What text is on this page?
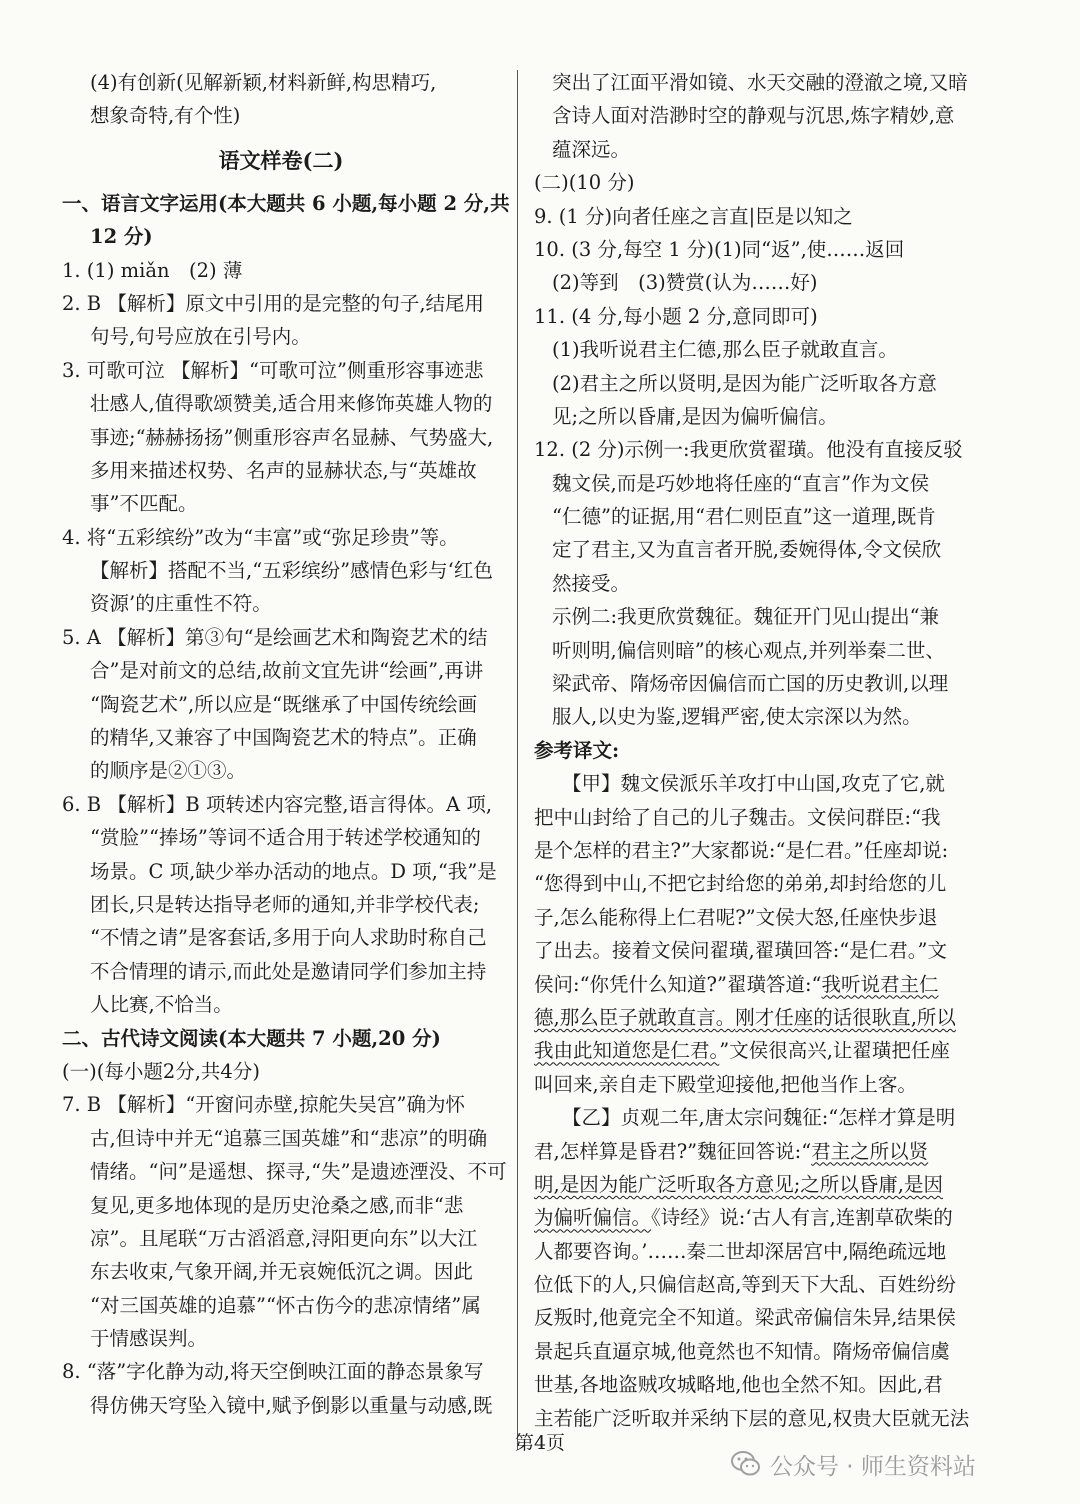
(4)有创新(见解新颖,材料新鲜,构思精巧,
想象奇特,有个性)
语文样卷(二)
一、语言文字运用(本大题共 6 小题,每小题 2 分,共
12 分)
1. (1) miǎn　(2) 薄
2. B 【解析】原文中引用的是完整的句子,结尾用
句号,句号应放在引号内。
3. 可歌可泣 【解析】“可歌可泣”侧重形容事迹悲
壮感人,值得歌颂赞美,适合用来修饰英雄人物的
事迹;“赫赫扬扬”侧重形容声名显赫、气势盛大,
多用来描述权势、名声的显赫状态,与“英雄故
事”不匹配。
4. 将“五彩缤纷”改为“丰富”或“弥足珍贵”等。
【解析】搭配不当,“五彩缤纷”感情色彩与‘红色
资源’的庄重性不符。
5. A 【解析】第③句“是绘画艺术和陶瓷艺术的结
合”是对前文的总结,故前文宜先讲“绘画”,再讲
“陶瓷艺术”,所以应是“既继承了中国传统绘画
的精华,又兼容了中国陶瓷艺术的特点”。正确
的顺序是②①③。
6. B 【解析】B 项转述内容完整,语言得体。A 项,
“赏脸”“捧场”等词不适合用于转述学校通知的
场景。C 项,缺少举办活动的地点。D 项,“我”是
团长,只是转达指导老师的通知,并非学校代表;
“不情之请”是客套话,多用于向人求助时称自己
不合情理的请示,而此处是邀请同学们参加主持
人比赛,不恰当。
二、古代诗文阅读(本大题共 7 小题,20 分)
(一)(每小题2分,共4分)
7. B 【解析】“开窗问赤壁,掠舵失吴宫”确为怀
古,但诗中并无“追慕三国英雄”和“悲凉”的明确
情绪。“问”是遥想、探寻,“失”是遗迹湮没、不可
复见,更多地体现的是历史沧桑之感,而非“悲
凉”。且尾联“万古滔滔意,浔阳更向东”以大江
东去收束,气象开阔,并无哀婉低沉之调。因此
“对三国英雄的追慕”“怀古伤今的悲凉情绪”属
于情感误判。
8. “落”字化静为动,将天空倒映江面的静态景象写
得仿佛天穹坠入镜中,赋予倒影以重量与动感,既
突出了江面平滑如镜、水天交融的澄澈之境,又暗
含诗人面对浩渺时空的静观与沉思,炼字精妙,意
蕴深远。
(二)(10 分)
9. (1 分)向者任座之言直|臣是以知之
10. (3 分,每空 1 分)(1)同“返”,使……返回
(2)等到　(3)赞赏(认为……好)
11. (4 分,每小题 2 分,意同即可)
(1)我听说君主仁德,那么臣子就敢直言。
(2)君主之所以贤明,是因为能广泛听取各方意
见;之所以昏庸,是因为偏听偏信。
12. (2 分)示例一:我更欣赏翟璜。他没有直接反驳
魏文侯,而是巧妙地将任座的“直言”作为文侯
“仁德”的证据,用“君仁则臣直”这一道理,既肯
定了君主,又为直言者开脱,委婉得体,令文侯欣
然接受。
示例二:我更欣赏魏征。魏征开门见山提出“兼
听则明,偏信则暗”的核心观点,并列举秦二世、
梁武帝、隋炀帝因偏信而亡国的历史教训,以理
服人,以史为鉴,逻辑严密,使太宗深以为然。
参考译文:
【甲】魏文侯派乐羊攻打中山国,攻克了它,就
把中山封给了自己的儿子魏击。文侯问群臣:“我
是个怎样的君主?”大家都说:“是仁君。”任座却说:
“您得到中山,不把它封给您的弟弟,却封给您的儿
子,怎么能称得上仁君呢?”文侯大怒,任座快步退
了出去。接着文侯问翟璜,翟璜回答:“是仁君。”文
侯问:“你凭什么知道?”翟璜答道:“我听说君主仁
德,那么臣子就敢直言。刚才任座的话很耿直,所以
我由此知道您是仁君。”文侯很高兴,让翟璜把任座
叫回来,亲自走下殿堂迎接他,把他当作上客。
【乙】贞观二年,唐太宗问魏征:“怎样才算是明
君,怎样算是昏君?”魏征回答说:“君主之所以贤
明,是因为能广泛听取各方意见;之所以昏庸,是因
为偏听偏信。《诗经》说:‘古人有言,连割草砍柴的
人都要咨询。’……秦二世却深居宫中,隔绝疏远地
位低下的人,只偏信赵高,等到天下大乱、百姓纷纷
反叛时,他竟完全不知道。梁武帝偏信朱异,结果侯
景起兵直逼京城,他竟然也不知情。隋炀帝偏信虞
世基,各地盗贼攻城略地,他也全然不知。因此,君
主若能广泛听取并采纳下层的意见,权贵大臣就无法
第4页
公众号 · 师生资料站
